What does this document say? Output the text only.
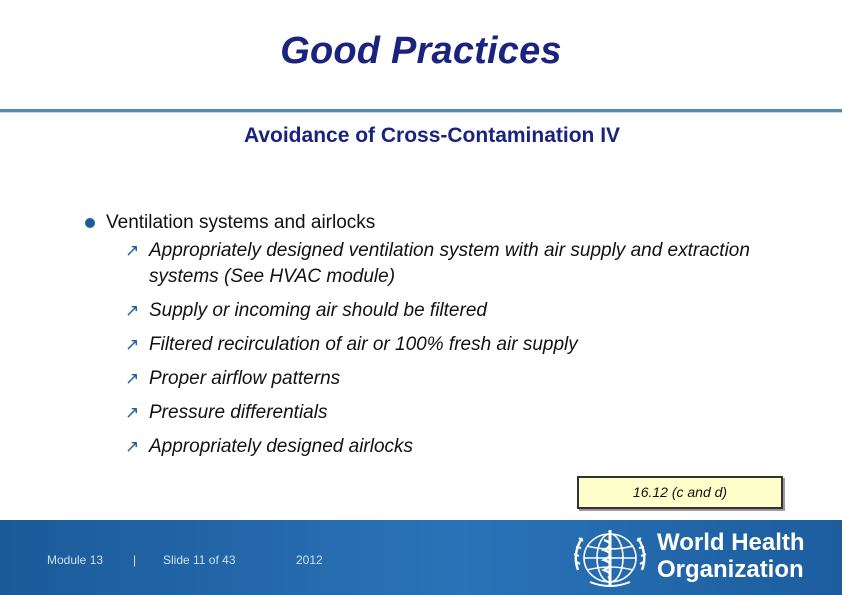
Good Practices
Avoidance of Cross-Contamination IV
Ventilation systems and airlocks
↗ Appropriately designed ventilation system with air supply and extraction systems (See HVAC module)
↗ Supply or incoming air should be filtered
↗ Filtered recirculation of air or 100% fresh air supply
↗ Proper airflow patterns
↗ Pressure differentials
↗ Appropriately designed airlocks
16.12 (c and d)
Module 13 | Slide 11 of 43	2012
World Health
Organization
